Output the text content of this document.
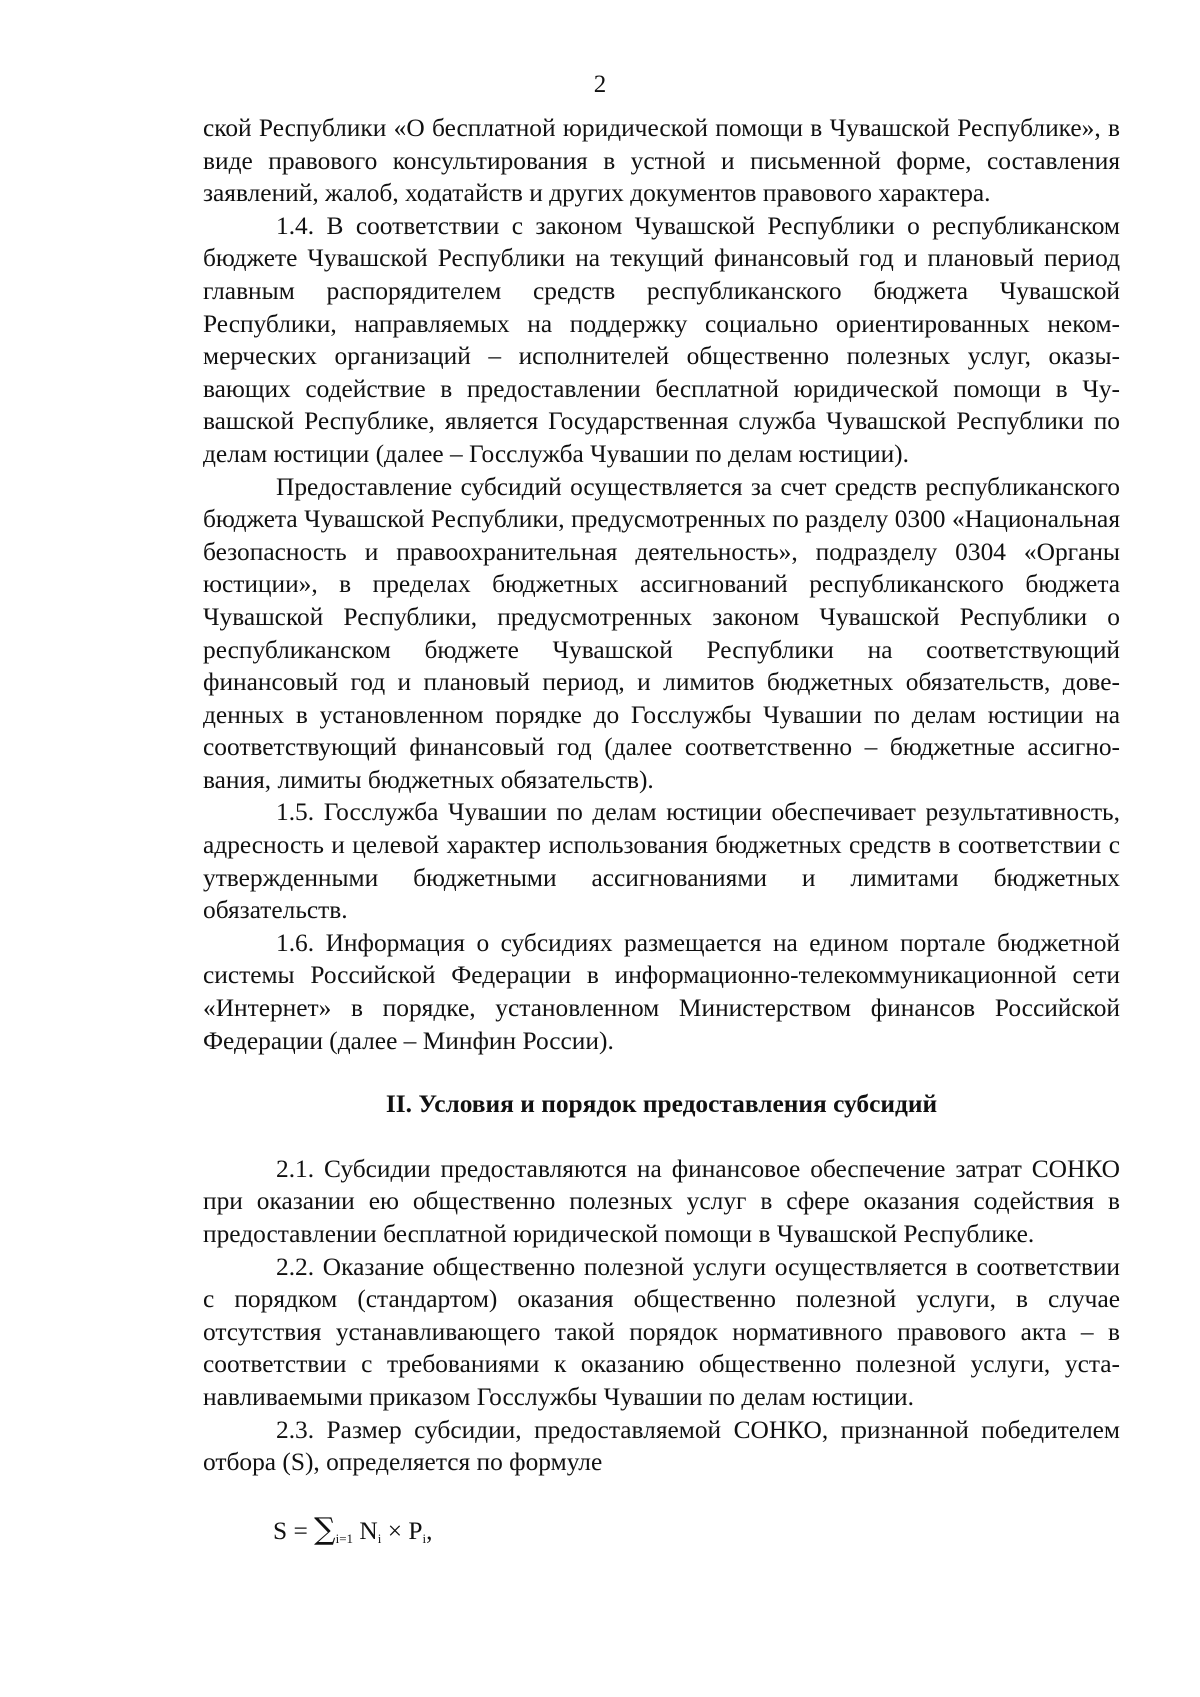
2

ской Республики «О бесплатной юридической помощи в Чувашской Республике», в виде правового консультирования в устной и письменной форме, составления заявлений, жалоб, ходатайств и других документов правового характера.

1.4. В соответствии с законом Чувашской Республики о республиканском бюджете Чувашской Республики на текущий финансовый год и плановый период главным распорядителем средств республиканского бюджета Чувашской Республики, направляемых на поддержку социально ориентированных некоммерческих организаций – исполнителей общественно полезных услуг, оказывающих содействие в предоставлении бесплатной юридической помощи в Чувашской Республике, является Государственная служба Чувашской Республики по делам юстиции (далее – Госслужба Чувашии по делам юстиции).

Предоставление субсидий осуществляется за счет средств республиканского бюджета Чувашской Республики, предусмотренных по разделу 0300 «Национальная безопасность и правоохранительная деятельность», подразделу 0304 «Органы юстиции», в пределах бюджетных ассигнований республиканского бюджета Чувашской Республики, предусмотренных законом Чувашской Республики о республиканском бюджете Чувашской Республики на соответствующий финансовый год и плановый период, и лимитов бюджетных обязательств, доведенных в установленном порядке до Госслужбы Чувашии по делам юстиции на соответствующий финансовый год (далее соответственно – бюджетные ассигнования, лимиты бюджетных обязательств).

1.5. Госслужба Чувашии по делам юстиции обеспечивает результативность, адресность и целевой характер использования бюджетных средств в соответствии с утвержденными бюджетными ассигнованиями и лимитами бюджетных обязательств.

1.6. Информация о субсидиях размещается на едином портале бюджетной системы Российской Федерации в информационно-телекоммуникационной сети «Интернет» в порядке, установленном Министерством финансов Российской Федерации (далее – Минфин России).

II. Условия и порядок предоставления субсидий

2.1. Субсидии предоставляются на финансовое обеспечение затрат СОНКО при оказании ею общественно полезных услуг в сфере оказания содействия в предоставлении бесплатной юридической помощи в Чувашской Республике.

2.2. Оказание общественно полезной услуги осуществляется в соответствии с порядком (стандартом) оказания общественно полезной услуги, в случае отсутствия устанавливающего такой порядок нормативного правового акта – в соответствии с требованиями к оказанию общественно полезной услуги, устанавливаемыми приказом Госслужбы Чувашии по делам юстиции.

2.3. Размер субсидии, предоставляемой СОНКО, признанной победителем отбора (S), определяется по формуле

$S = \sum_{i=1}$ $N_i \times P_i$,
